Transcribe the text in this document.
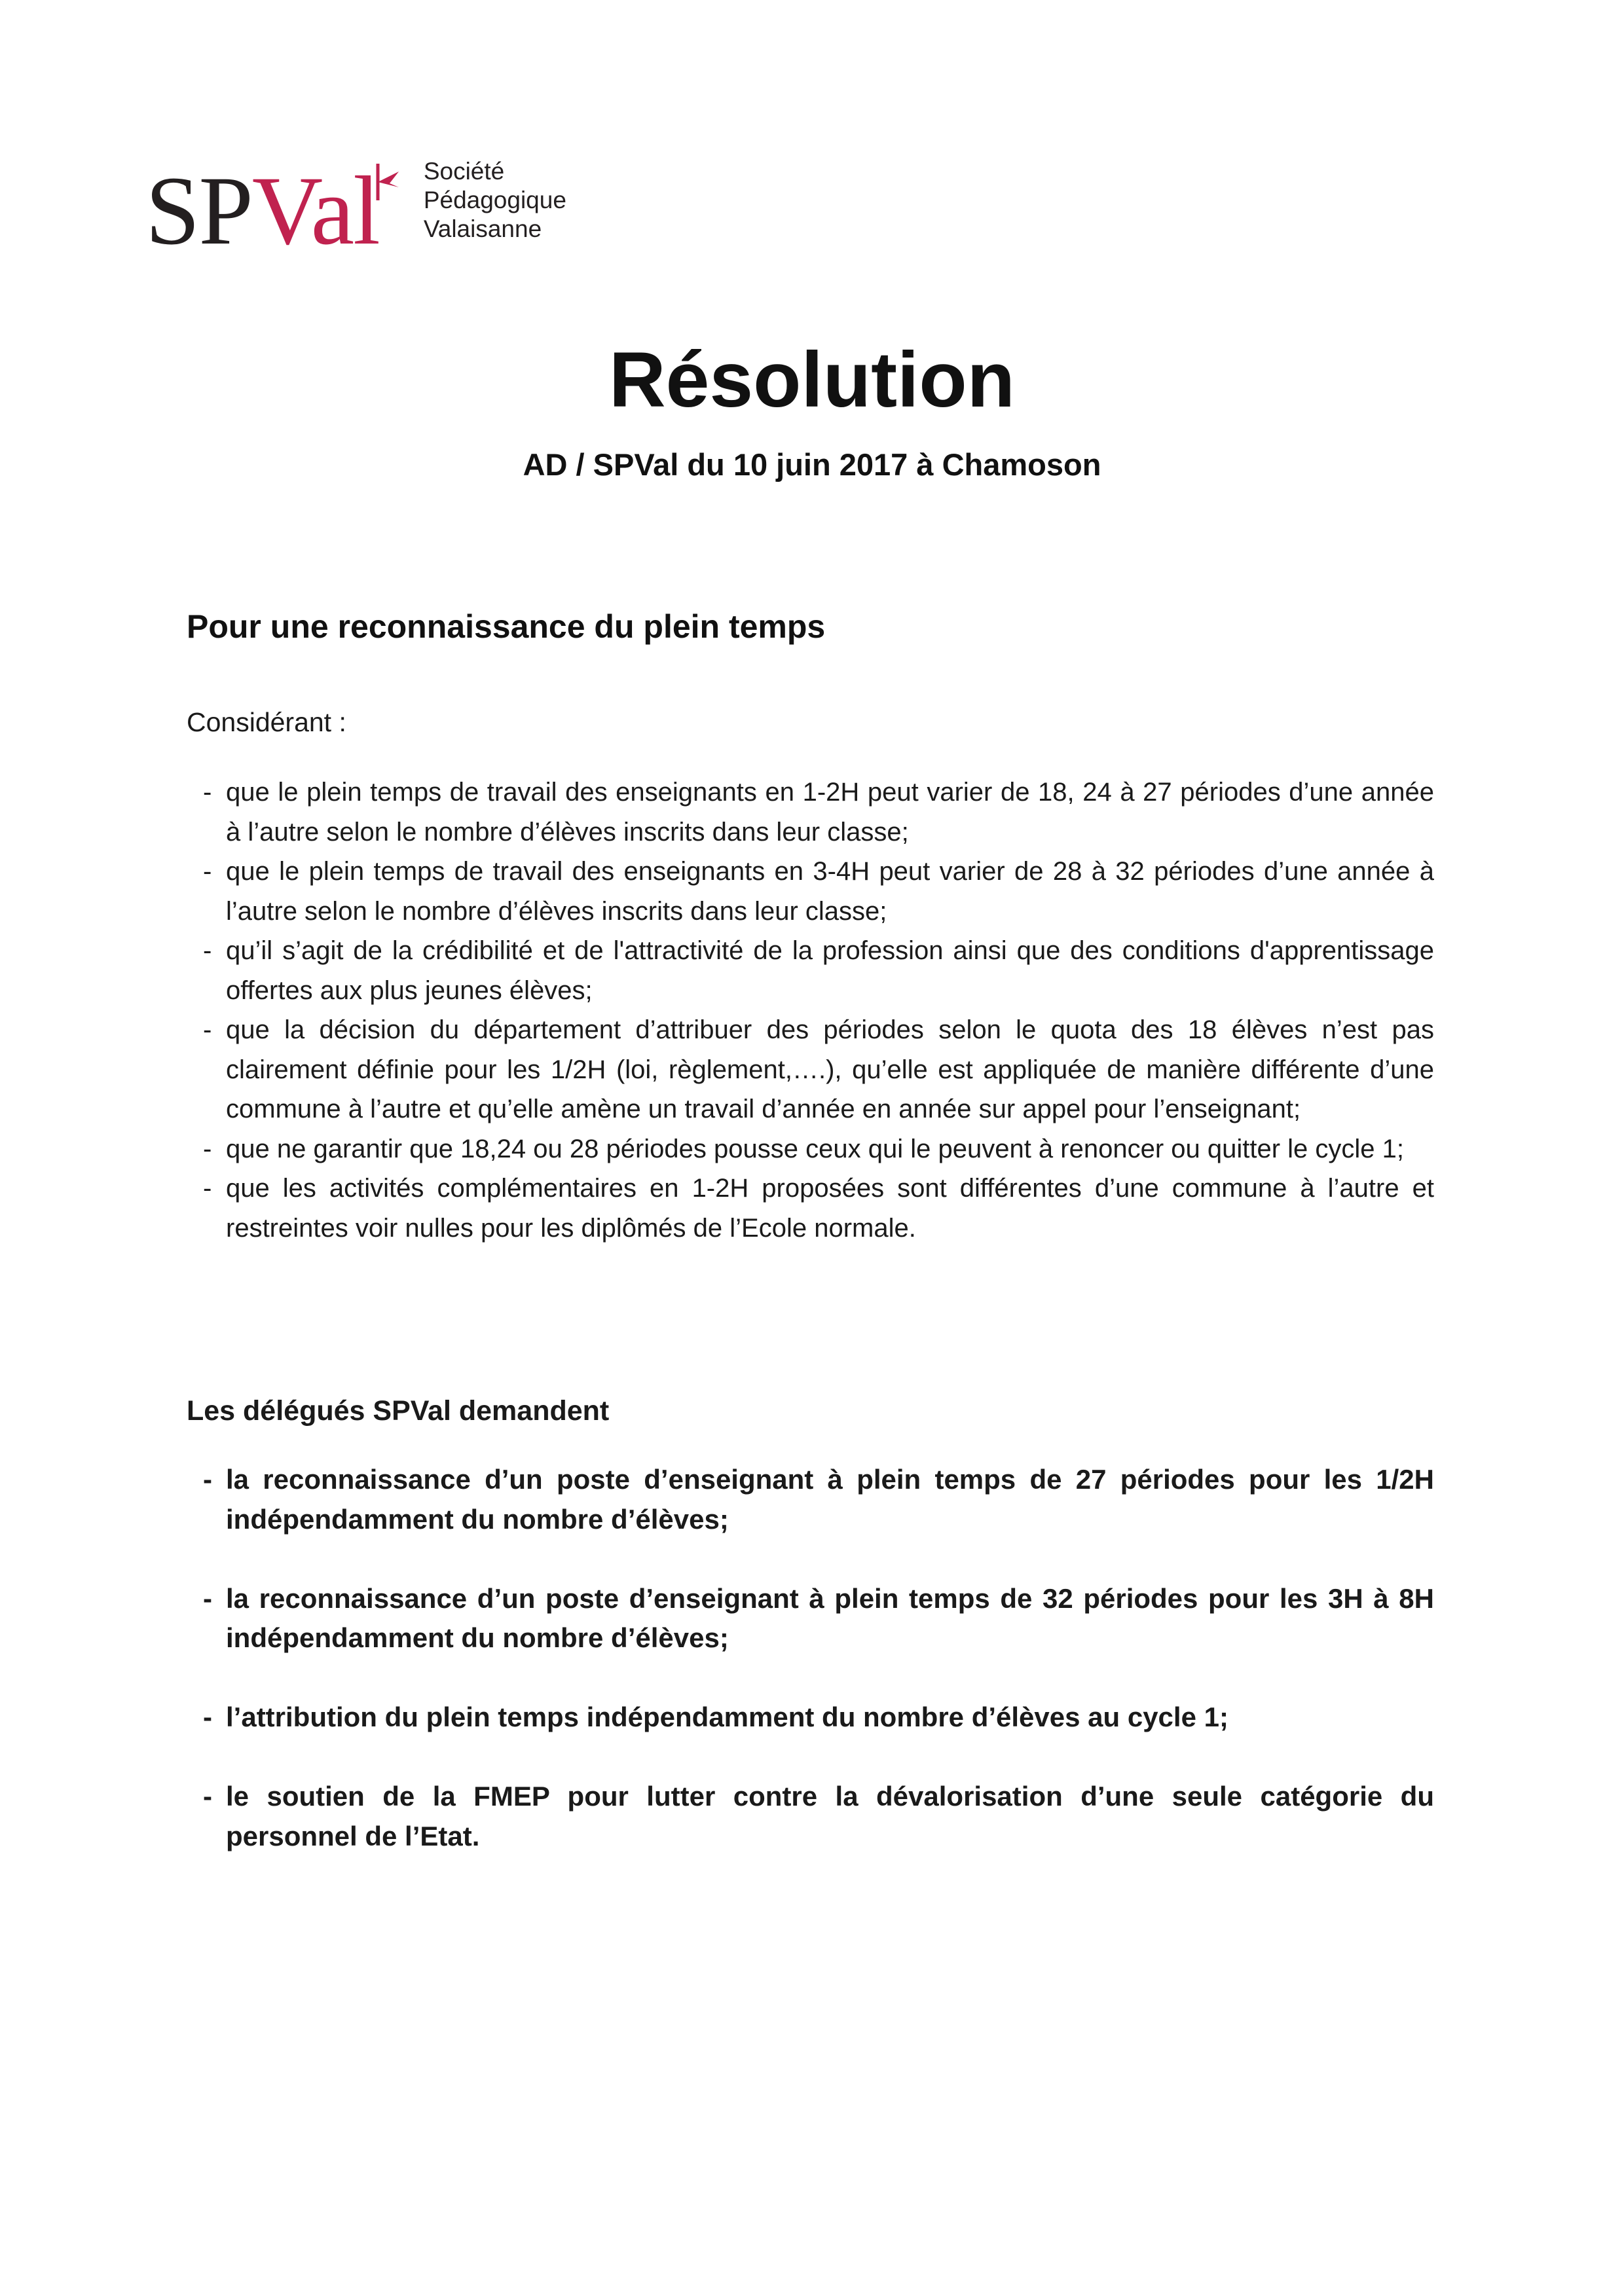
SP Val Société
Pédagogique
Valaisanne
Résolution
AD / SPVal du 10 juin 2017 à Chamoson
Pour une reconnaissance du plein temps
Considérant :
- que le plein temps de travail des enseignants en 1-2H peut varier de 18, 24 à 27 périodes d’une année à l’autre selon le nombre d’élèves inscrits dans leur classe;
- que le plein temps de travail des enseignants en 3-4H peut varier de 28 à 32 périodes d’une année à l’autre selon le nombre d’élèves inscrits dans leur classe;
- qu’il s’agit de la crédibilité et de l'attractivité de la profession ainsi que des conditions d'apprentissage offertes aux plus jeunes élèves;
- que la décision du département d’attribuer des périodes selon le quota des 18 élèves n’est pas clairement définie pour les 1/2H (loi, règlement,….), qu’elle est appliquée de manière différente d’une commune à l’autre et qu’elle amène un travail d’année en année sur appel pour l’enseignant;
- que ne garantir que 18,24 ou 28 périodes pousse ceux qui le peuvent à renoncer ou quitter le cycle 1;
- que les activités complémentaires en 1-2H proposées sont différentes d’une commune à l’autre et restreintes voir nulles pour les diplômés de l’Ecole normale.
Les délégués SPVal demandent
- la reconnaissance d’un poste d’enseignant à plein temps de 27 périodes pour les 1/2H indépendamment du nombre d’élèves;
- la reconnaissance d’un poste d’enseignant à plein temps de 32 périodes pour les 3H à 8H indépendamment du nombre d’élèves;
- l’attribution du plein temps indépendamment du nombre d’élèves au cycle 1;
- le soutien de la FMEP pour lutter contre la dévalorisation d’une seule catégorie du personnel de l’Etat.
